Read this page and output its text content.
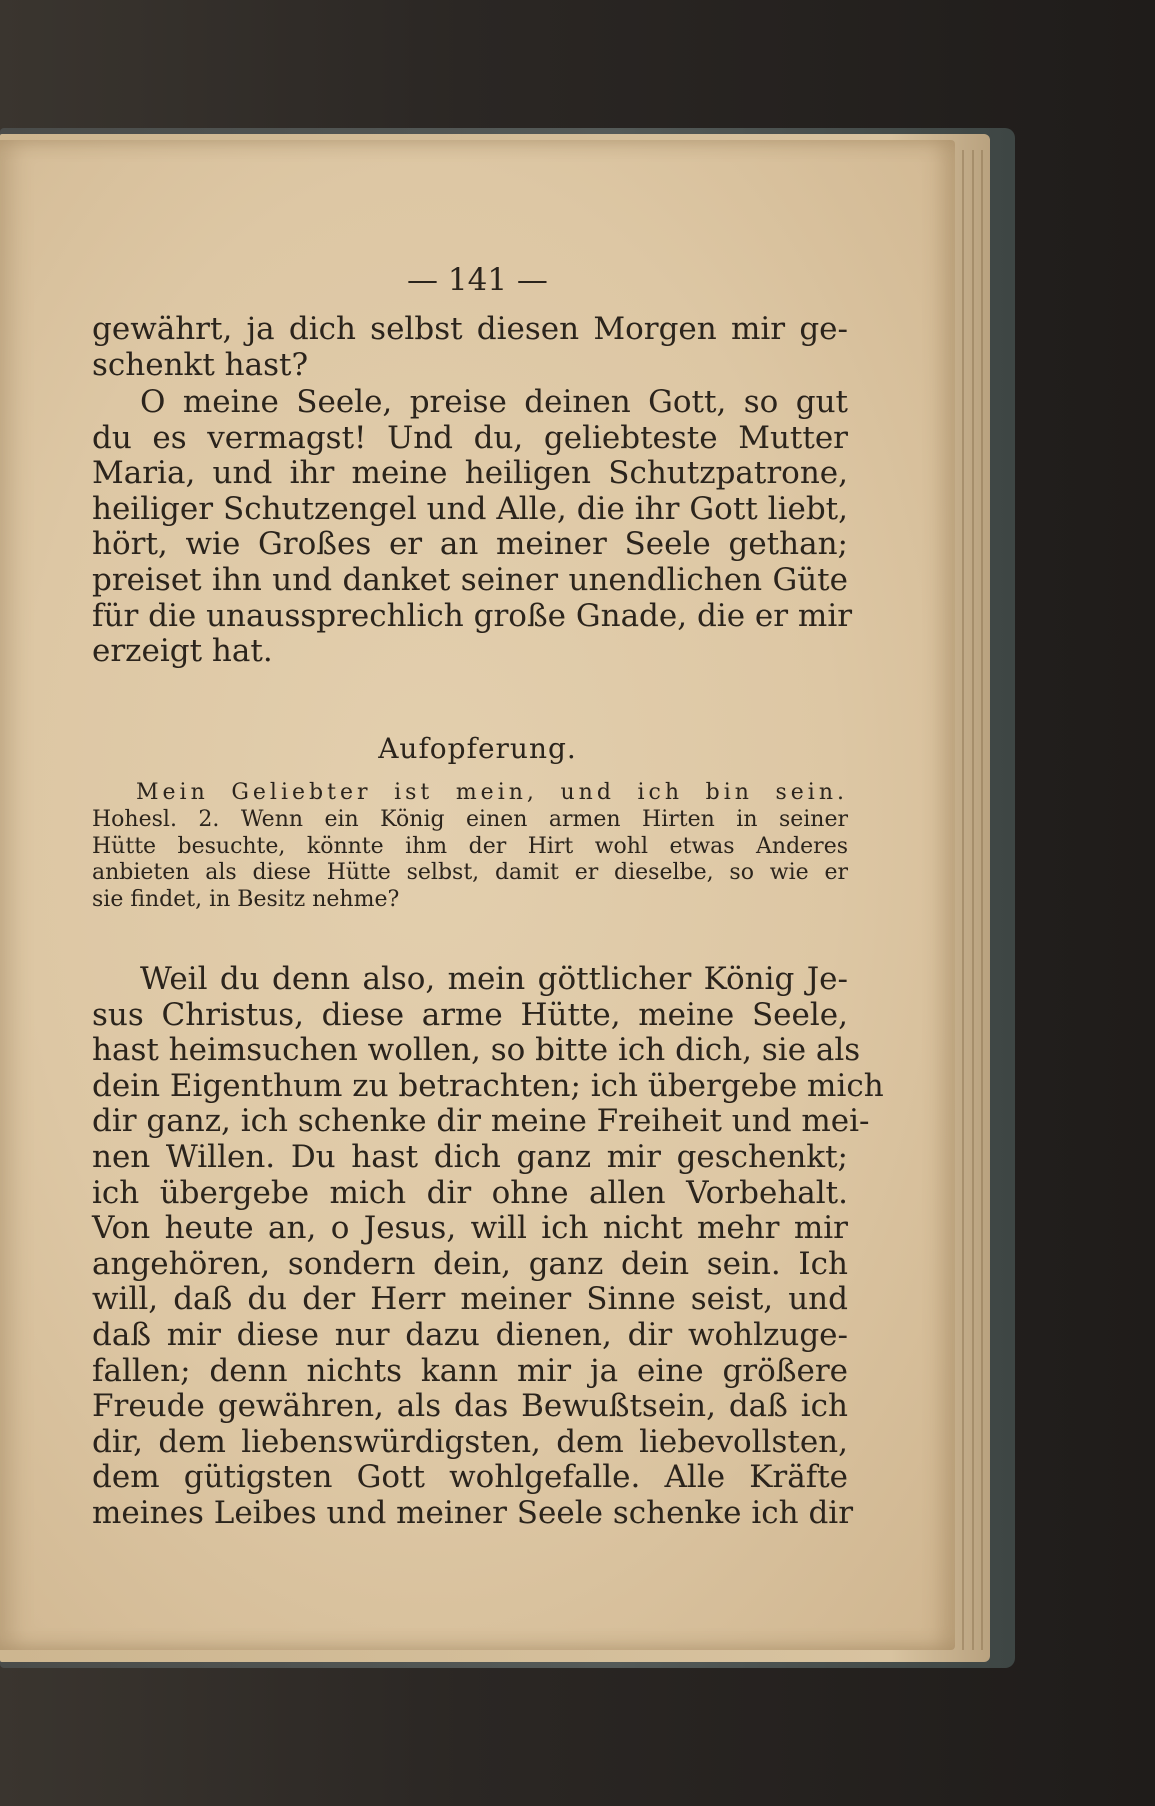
— 141 —

gewährt, ja dich selbst diesen Morgen mir ge-
schenkt hast?

O meine Seele, preise deinen Gott, so gut
du es vermagst! Und du, geliebteste Mutter
Maria, und ihr meine heiligen Schutzpatrone,
heiliger Schutzengel und Alle, die ihr Gott liebt,
hört, wie Großes er an meiner Seele gethan;
preiset ihn und danket seiner unendlichen Güte
für die unaussprechlich große Gnade, die er mir
erzeigt hat.

Aufopferung.
Mein Geliebter ist mein, und ich bin sein.
Hohesl. 2. Wenn ein König einen armen Hirten in seiner
Hütte besuchte, könnte ihm der Hirt wohl etwas Anderes
anbieten als diese Hütte selbst, damit er dieselbe, so wie er
sie findet, in Besitz nehme?

Weil du denn also, mein göttlicher König Je-
sus Christus, diese arme Hütte, meine Seele,
hast heimsuchen wollen, so bitte ich dich, sie als
dein Eigenthum zu betrachten; ich übergebe mich
dir ganz, ich schenke dir meine Freiheit und mei-
nen Willen. Du hast dich ganz mir geschenkt;
ich übergebe mich dir ohne allen Vorbehalt.
Von heute an, o Jesus, will ich nicht mehr mir
angehören, sondern dein, ganz dein sein. Ich
will, daß du der Herr meiner Sinne seist, und
daß mir diese nur dazu dienen, dir wohlzuge-
fallen; denn nichts kann mir ja eine größere
Freude gewähren, als das Bewußtsein, daß ich
dir, dem liebenswürdigsten, dem liebevollsten,
dem gütigsten Gott wohlgefalle. Alle Kräfte
meines Leibes und meiner Seele schenke ich dir
